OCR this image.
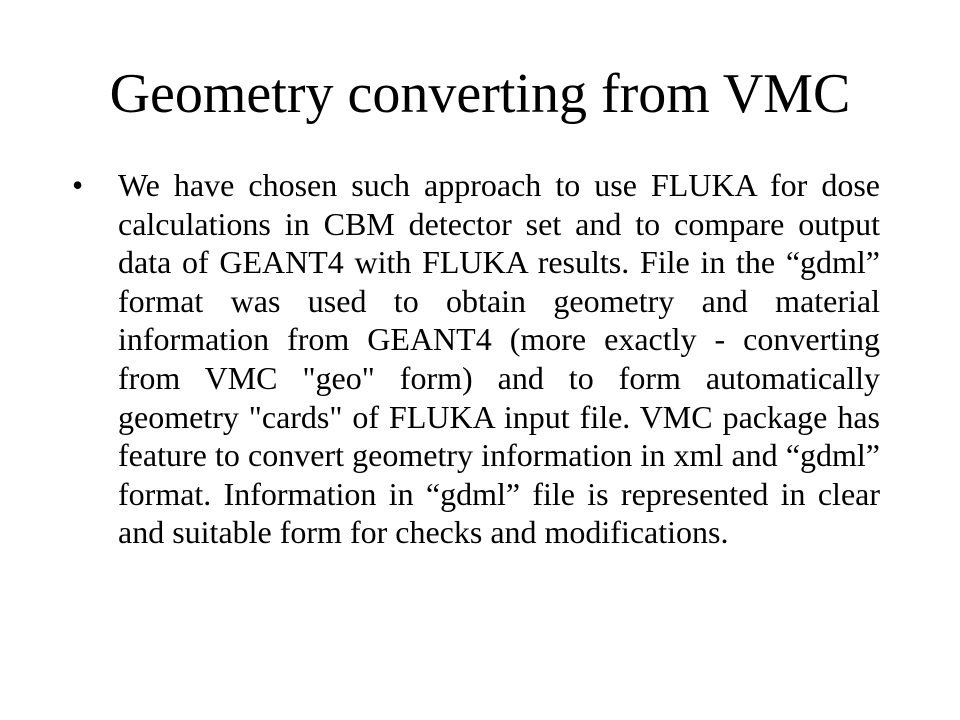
Geometry converting from VMC
•	We have chosen such approach to use FLUKA for dose calculations in CBM detector set and to compare output data of GEANT4 with FLUKA results. File in the “gdml” format was used to obtain geometry and material information from GEANT4 (more exactly - converting from VMC "geo" form) and to form automatically geometry "cards" of FLUKA input file. VMC package has feature to convert geometry information in xml and “gdml” format. Information in “gdml” file is represented in clear and suitable form for checks and modifications.
